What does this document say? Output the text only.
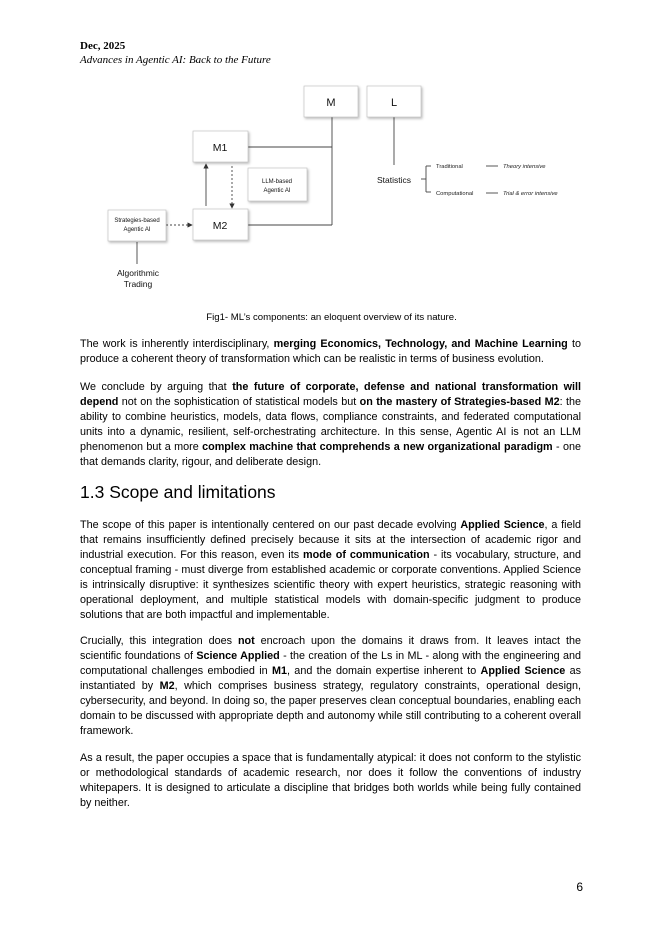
Dec, 2025
Advances in Agentic AI: Back to the Future
M	L
M1
M2
LLM-based
Agentic AI
Strategies-based
Agentic AI
Algorithmic
Trading
Statistics
Traditional
Computational
Theory intensive
Trial & error intensive
Fig1- ML’s components: an eloquent overview of its nature.

The work is inherently interdisciplinary, merging Economics, Technology, and Machine Learning to produce a coherent theory of transformation which can be realistic in terms of business evolution.

We conclude by arguing that the future of corporate, defense and national transformation will depend not on the sophistication of statistical models but on the mastery of Strategies-based M2: the ability to combine heuristics, models, data flows, compliance constraints, and federated computational units into a dynamic, resilient, self-orchestrating architecture. In this sense, Agentic AI is not an LLM phenomenon but a more complex machine that comprehends a new organizational paradigm - one that demands clarity, rigour, and deliberate design.

1.3 Scope and limitations

The scope of this paper is intentionally centered on our past decade evolving Applied Science, a field that remains insufficiently defined precisely because it sits at the intersection of academic rigor and industrial execution. For this reason, even its mode of communication - its vocabulary, structure, and conceptual framing - must diverge from established academic or corporate conventions. Applied Science is intrinsically disruptive: it synthesizes scientific theory with expert heuristics, strategic reasoning with operational deployment, and multiple statistical models with domain-specific judgment to produce solutions that are both impactful and implementable.

Crucially, this integration does not encroach upon the domains it draws from. It leaves intact the scientific foundations of Science Applied - the creation of the Ls in ML - along with the engineering and computational challenges embodied in M1, and the domain expertise inherent to Applied Science as instantiated by M2, which comprises business strategy, regulatory constraints, operational design, cybersecurity, and beyond. In doing so, the paper preserves clean conceptual boundaries, enabling each domain to be discussed with appropriate depth and autonomy while still contributing to a coherent overall framework.

As a result, the paper occupies a space that is fundamentally atypical: it does not conform to the stylistic or methodological standards of academic research, nor does it follow the conventions of industry whitepapers. It is designed to articulate a discipline that bridges both worlds while being fully contained by neither.

6
